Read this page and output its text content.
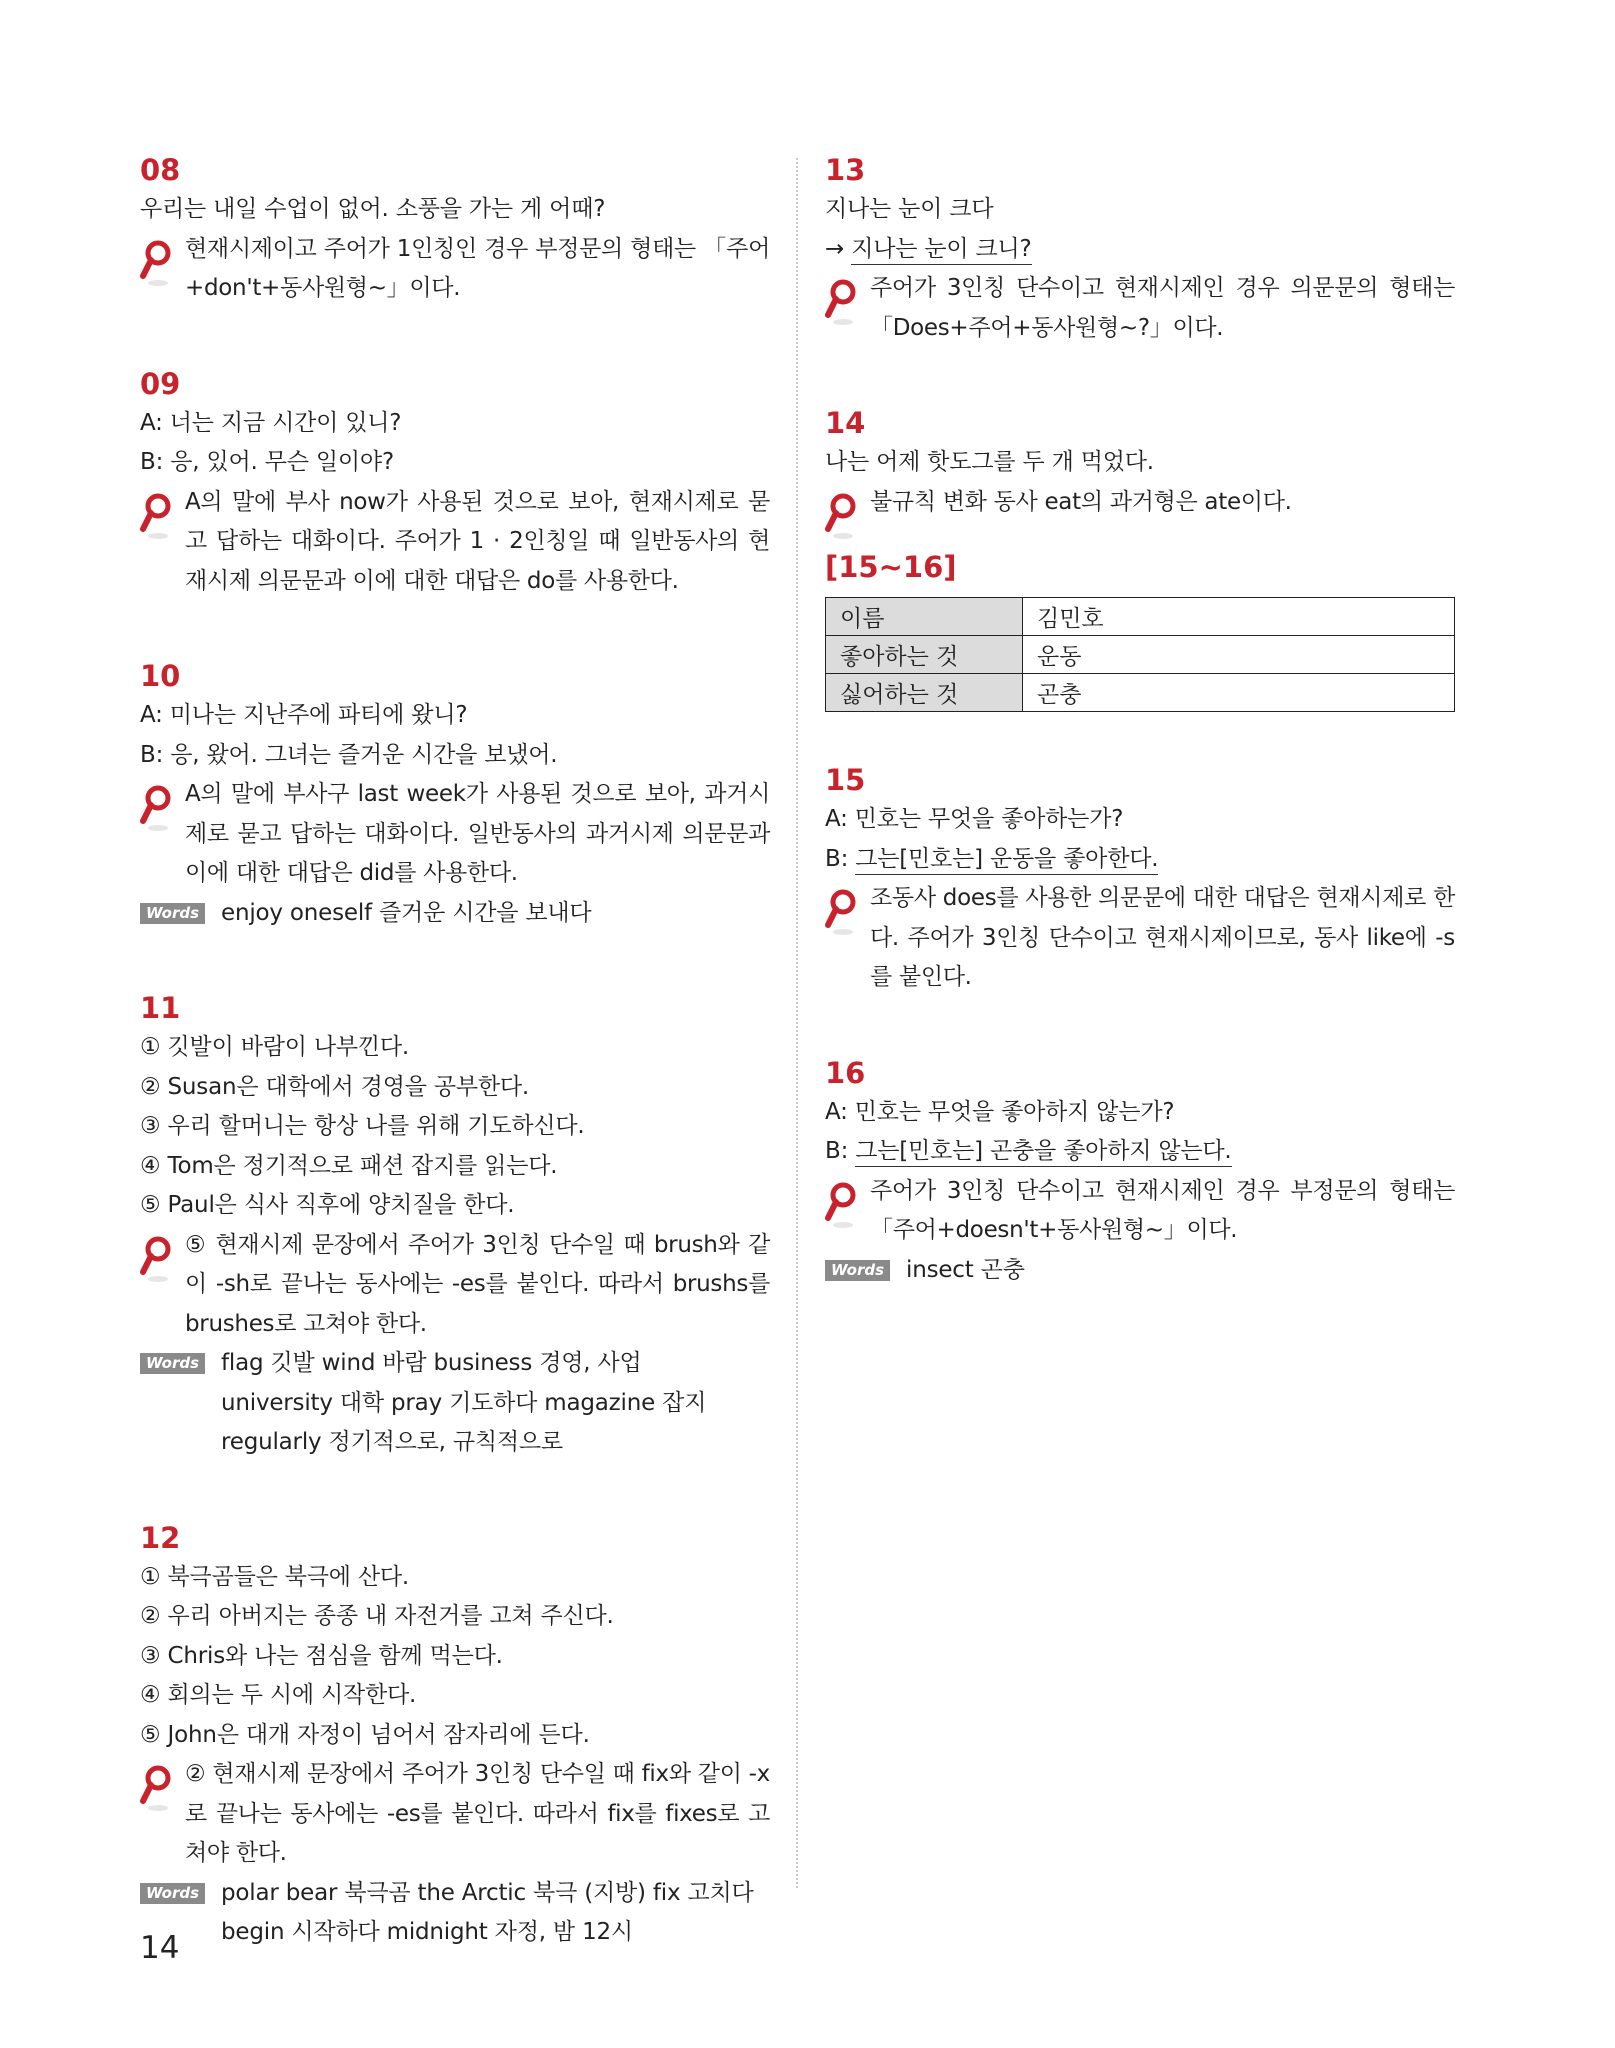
08
우리는 내일 수업이 없어. 소풍을 가는 게 어때?
현재시제이고 주어가 1인칭인 경우 부정문의 형태는 「주어+don't+동사원형~」이다.
09
A: 너는 지금 시간이 있니?
B: 응, 있어. 무슨 일이야?
A의 말에 부사 now가 사용된 것으로 보아, 현재시제로 묻고 답하는 대화이다. 주어가 1 · 2인칭일 때 일반동사의 현재시제 의문문과 이에 대한 대답은 do를 사용한다.
10
A: 미나는 지난주에 파티에 왔니?
B: 응, 왔어. 그녀는 즐거운 시간을 보냈어.
A의 말에 부사구 last week가 사용된 것으로 보아, 과거시제로 묻고 답하는 대화이다. 일반동사의 과거시제 의문문과 이에 대한 대답은 did를 사용한다.
Words enjoy oneself 즐거운 시간을 보내다
11
① 깃발이 바람이 나부낀다.
② Susan은 대학에서 경영을 공부한다.
③ 우리 할머니는 항상 나를 위해 기도하신다.
④ Tom은 정기적으로 패션 잡지를 읽는다.
⑤ Paul은 식사 직후에 양치질을 한다.
⑤ 현재시제 문장에서 주어가 3인칭 단수일 때 brush와 같이 -sh로 끝나는 동사에는 -es를 붙인다. 따라서 brushs를 brushes로 고쳐야 한다.
Words flag 깃발 wind 바람 business 경영, 사업
university 대학 pray 기도하다 magazine 잡지
regularly 정기적으로, 규칙적으로
12
① 북극곰들은 북극에 산다.
② 우리 아버지는 종종 내 자전거를 고쳐 주신다.
③ Chris와 나는 점심을 함께 먹는다.
④ 회의는 두 시에 시작한다.
⑤ John은 대개 자정이 넘어서 잠자리에 든다.
② 현재시제 문장에서 주어가 3인칭 단수일 때 fix와 같이 -x로 끝나는 동사에는 -es를 붙인다. 따라서 fix를 fixes로 고쳐야 한다.
Words polar bear 북극곰 the Arctic 북극 (지방) fix 고치다
begin 시작하다 midnight 자정, 밤 12시
13
지나는 눈이 크다
→ 지나는 눈이 크니?
주어가 3인칭 단수이고 현재시제인 경우 의문문의 형태는 「Does+주어+동사원형~?」이다.
14
나는 어제 핫도그를 두 개 먹었다.
불규칙 변화 동사 eat의 과거형은 ate이다.
[15~16]
이름	김민호
좋아하는 것	운동
싫어하는 것	곤충
15
A: 민호는 무엇을 좋아하는가?
B: 그는[민호는] 운동을 좋아한다.
조동사 does를 사용한 의문문에 대한 대답은 현재시제로 한다. 주어가 3인칭 단수이고 현재시제이므로, 동사 like에 -s를 붙인다.
16
A: 민호는 무엇을 좋아하지 않는가?
B: 그는[민호는] 곤충을 좋아하지 않는다.
주어가 3인칭 단수이고 현재시제인 경우 부정문의 형태는 「주어+doesn't+동사원형~」이다.
Words insect 곤충
14
